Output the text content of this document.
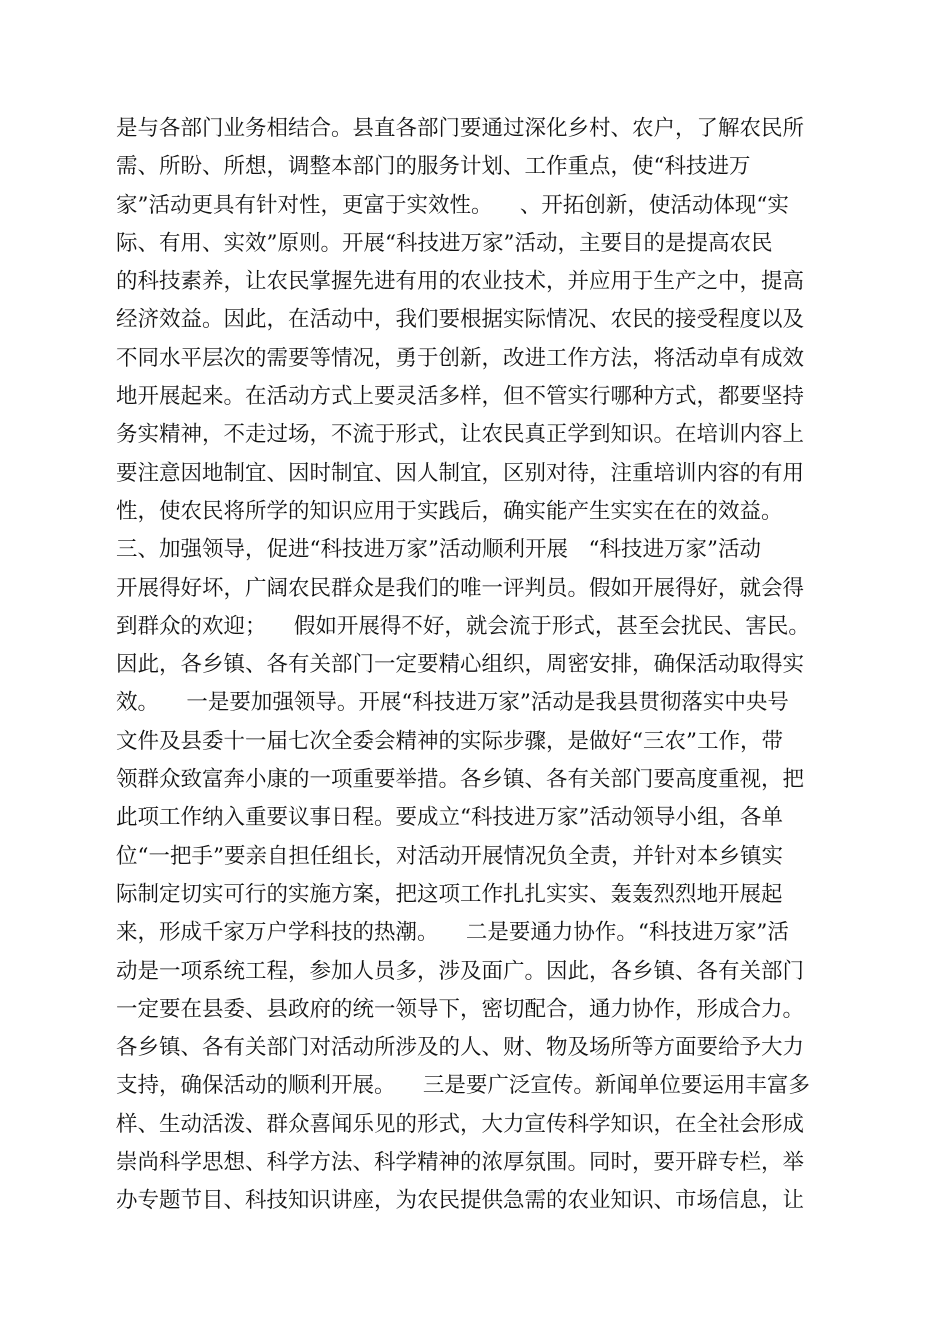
是与各部门业务相结合。县直各部门要通过深化乡村、农户，了解农民所
需、所盼、所想，调整本部门的服务计划、工作重点，使“科技进万
家”活动更具有针对性，更富于实效性。    、开拓创新，使活动体现“实
际、有用、实效”原则。开展“科技进万家”活动，主要目的是提高农民
的科技素养，让农民掌握先进有用的农业技术，并应用于生产之中，提高
经济效益。因此，在活动中，我们要根据实际情况、农民的接受程度以及
不同水平层次的需要等情况，勇于创新，改进工作方法，将活动卓有成效
地开展起来。在活动方式上要灵活多样，但不管实行哪种方式，都要坚持
务实精神，不走过场，不流于形式，让农民真正学到知识。在培训内容上
要注意因地制宜、因时制宜、因人制宜，区别对待，注重培训内容的有用
性，使农民将所学的知识应用于实践后，确实能产生实实在在的效益。
三、加强领导，促进“科技进万家”活动顺利开展   “科技进万家”活动
开展得好坏，广阔农民群众是我们的唯一评判员。假如开展得好，就会得
到群众的欢迎；    假如开展得不好，就会流于形式，甚至会扰民、害民。
因此，各乡镇、各有关部门一定要精心组织，周密安排，确保活动取得实
效。    一是要加强领导。开展“科技进万家”活动是我县贯彻落实中央号
文件及县委十一届七次全委会精神的实际步骤，是做好“三农”工作，带
领群众致富奔小康的一项重要举措。各乡镇、各有关部门要高度重视，把
此项工作纳入重要议事日程。要成立“科技进万家”活动领导小组，各单
位“一把手”要亲自担任组长，对活动开展情况负全责，并针对本乡镇实
际制定切实可行的实施方案，把这项工作扎扎实实、轰轰烈烈地开展起
来，形成千家万户学科技的热潮。    二是要通力协作。“科技进万家”活
动是一项系统工程，参加人员多，涉及面广。因此，各乡镇、各有关部门
一定要在县委、县政府的统一领导下，密切配合，通力协作，形成合力。
各乡镇、各有关部门对活动所涉及的人、财、物及场所等方面要给予大力
支持，确保活动的顺利开展。    三是要广泛宣传。新闻单位要运用丰富多
样、生动活泼、群众喜闻乐见的形式，大力宣传科学知识，在全社会形成
崇尚科学思想、科学方法、科学精神的浓厚氛围。同时，要开辟专栏，举
办专题节目、科技知识讲座，为农民提供急需的农业知识、市场信息，让
